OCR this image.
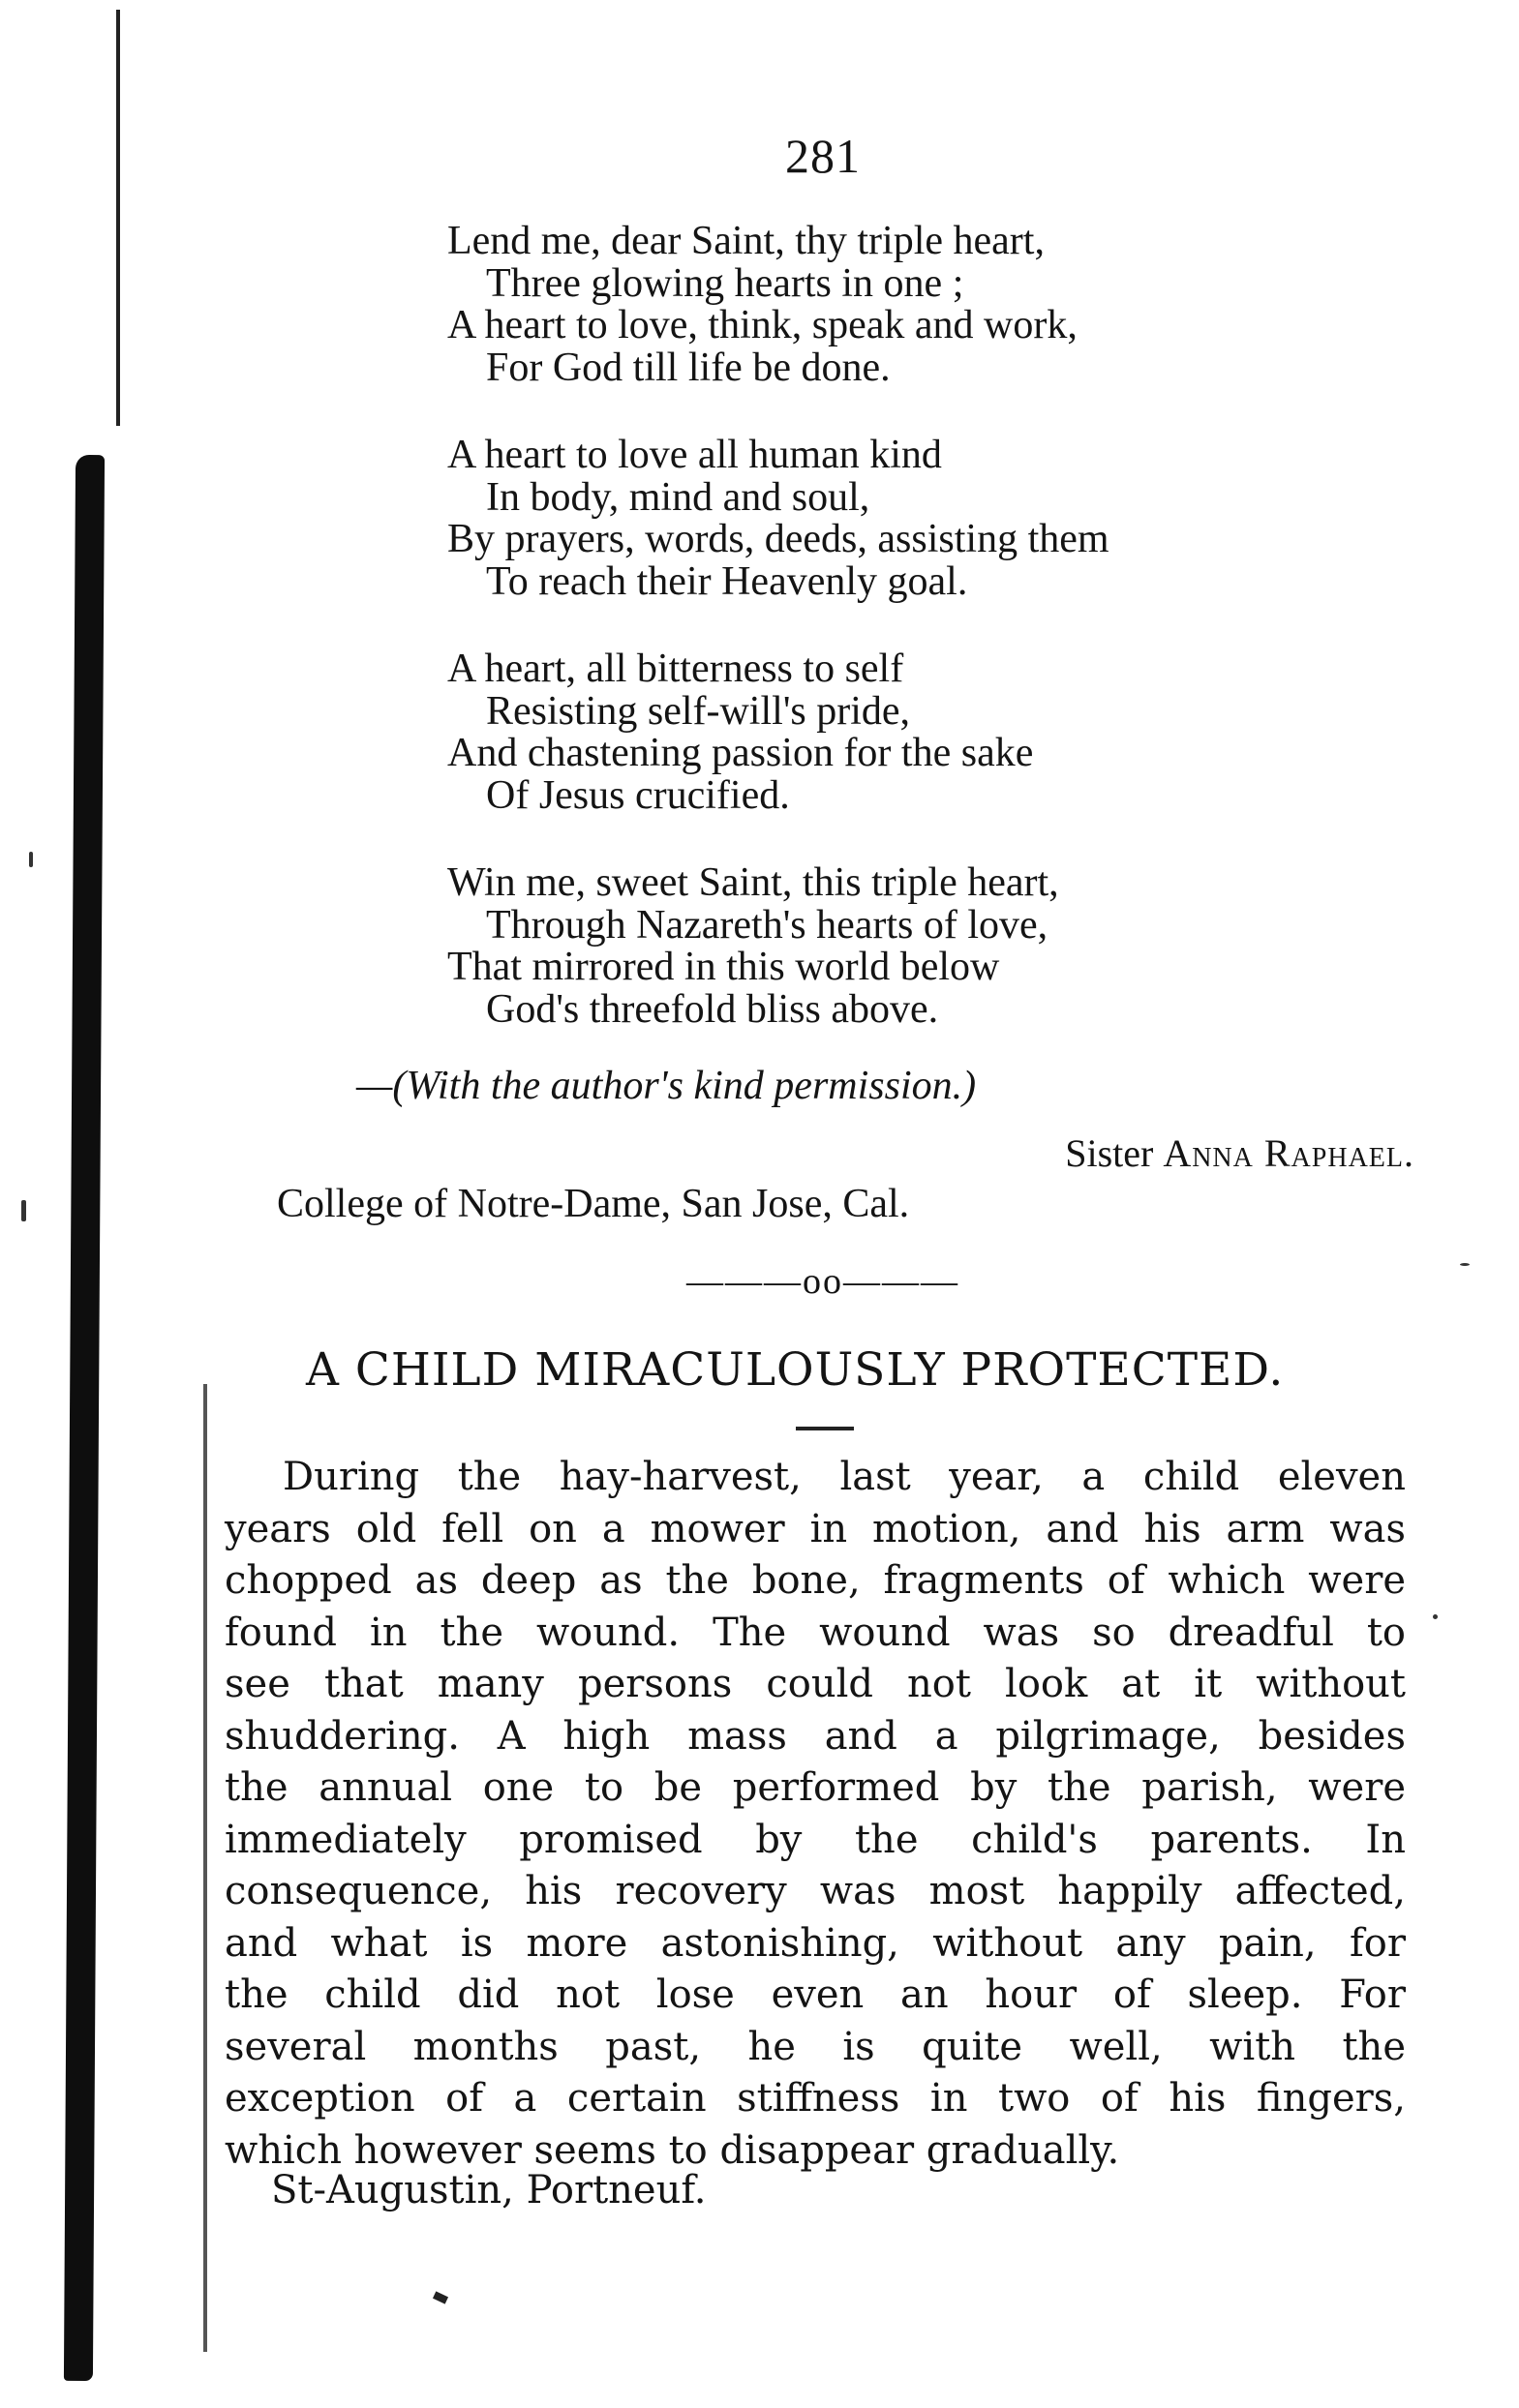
281
Lend me, dear Saint, thy triple heart,
Three glowing hearts in one ;
A heart to love, think, speak and work,
For God till life be done.
A heart to love all human kind
In body, mind and soul,
By prayers, words, deeds, assisting them
To reach their Heavenly goal.
A heart, all bitterness to self
Resisting self-will's pride,
And chastening passion for the sake
Of Jesus crucified.
Win me, sweet Saint, this triple heart,
Through Nazareth's hearts of love,
That mirrored in this world below
God's threefold bliss above.
—(With the author's kind permission.)
Sister Anna Raphael.
College of Notre-Dame, San Jose, Cal.
———oo———
A CHILD MIRACULOUSLY PROTECTED.
During the hay-harvest, last year, a child eleven
years old fell on a mower in motion, and his arm was
chopped as deep as the bone, fragments of which were
found in the wound. The wound was so dreadful to
see that many persons could not look at it without
shuddering. A high mass and a pilgrimage, besides
the annual one to be performed by the parish, were
immediately promised by the child's parents. In
consequence, his recovery was most happily affected,
and what is more astonishing, without any pain, for
the child did not lose even an hour of sleep. For
several months past, he is quite well, with the
exception of a certain stiffness in two of his fingers,
which however seems to disappear gradually.
St-Augustin, Portneuf.
